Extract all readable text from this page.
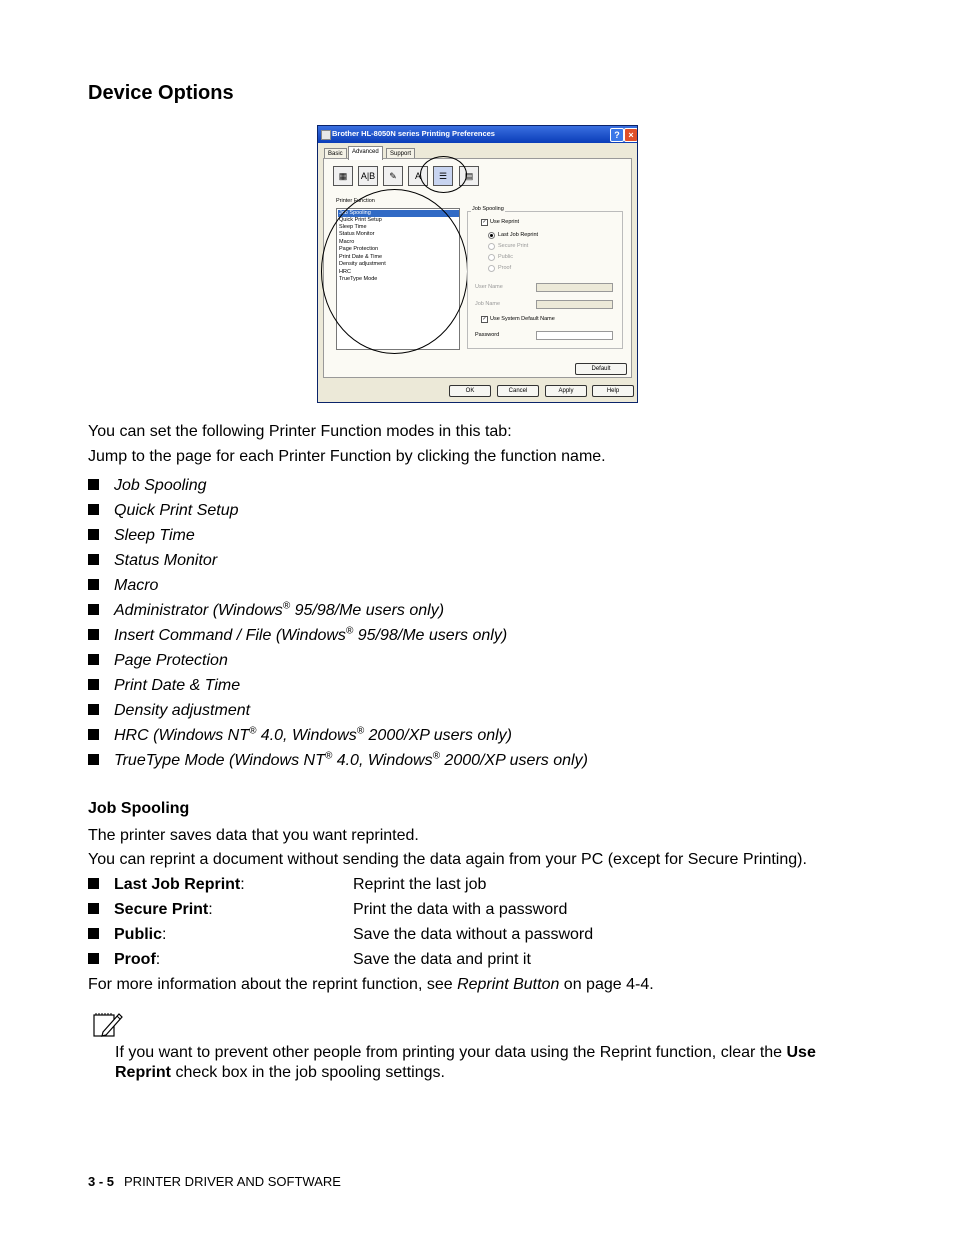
Device Options
Brother HL-8050N series Printing Preferences	? ×
Basic	Advanced	Support
▦	A|B	✎	A	☰	▤
Printer Function
Job Spooling
Quick Print Setup
Sleep Time
Status Monitor
Macro
Page Protection
Print Date & Time
Density adjustment
HRC
TrueType Mode
Job Spooling
✓ Use Reprint
Last Job Reprint
Secure Print
Public
Proof
User Name
Job Name
✓ Use System Default Name
Password
Default
OK	Cancel	Apply	Help
You can set the following Printer Function modes in this tab:
Jump to the page for each Printer Function by clicking the function name.
Job Spooling
Quick Print Setup
Sleep Time
Status Monitor
Macro
Administrator (Windows® 95/98/Me users only)
Insert Command / File (Windows® 95/98/Me users only)
Page Protection
Print Date & Time
Density adjustment
HRC (Windows NT® 4.0, Windows® 2000/XP users only)
TrueType Mode (Windows NT® 4.0, Windows® 2000/XP users only)
Job Spooling
The printer saves data that you want reprinted.
You can reprint a document without sending the data again from your PC (except for Secure Printing).
Last Job Reprint:	Reprint the last job
Secure Print:	Print the data with a password
Public:	Save the data without a password
Proof:	Save the data and print it
For more information about the reprint function, see Reprint Button on page 4-4.
If you want to prevent other people from printing your data using the Reprint function, clear the Use Reprint check box in the job spooling settings.
3 - 5 PRINTER DRIVER AND SOFTWARE
